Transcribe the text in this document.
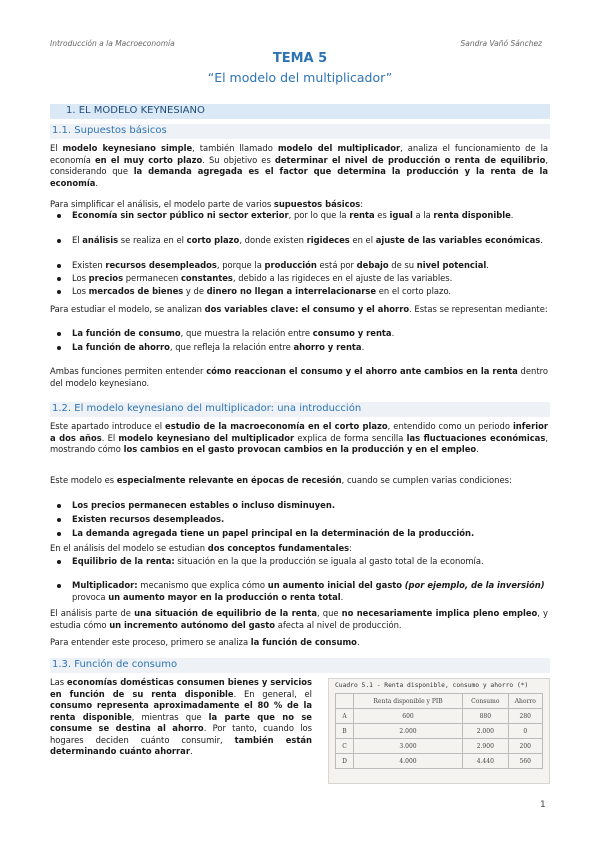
Introducción a la Macroeconomía	Sandra Vañó Sánchez
TEMA 5
“El modelo del multiplicador”
1. EL MODELO KEYNESIANO
1.1. Supuestos básicos
El modelo keynesiano simple, también llamado modelo del multiplicador, analiza el funcionamiento de la economía en el muy corto plazo. Su objetivo es determinar el nivel de producción o renta de equilibrio, considerando que la demanda agregada es el factor que determina la producción y la renta de la economía.
Para simplificar el análisis, el modelo parte de varios supuestos básicos:
Economía sin sector público ni sector exterior, por lo que la renta es igual a la renta disponible.
El análisis se realiza en el corto plazo, donde existen rigideces en el ajuste de las variables económicas.
Existen recursos desempleados, porque la producción está por debajo de su nivel potencial.
Los precios permanecen constantes, debido a las rigideces en el ajuste de las variables.
Los mercados de bienes y de dinero no llegan a interrelacionarse en el corto plazo.
Para estudiar el modelo, se analizan dos variables clave: el consumo y el ahorro. Estas se representan mediante:
La función de consumo, que muestra la relación entre consumo y renta.
La función de ahorro, que refleja la relación entre ahorro y renta.
Ambas funciones permiten entender cómo reaccionan el consumo y el ahorro ante cambios en la renta dentro del modelo keynesiano.
1.2. El modelo keynesiano del multiplicador: una introducción
Este apartado introduce el estudio de la macroeconomía en el corto plazo, entendido como un periodo inferior a dos años. El modelo keynesiano del multiplicador explica de forma sencilla las fluctuaciones económicas, mostrando cómo los cambios en el gasto provocan cambios en la producción y en el empleo.
Este modelo es especialmente relevante en épocas de recesión, cuando se cumplen varias condiciones:
Los precios permanecen estables o incluso disminuyen.
Existen recursos desempleados.
La demanda agregada tiene un papel principal en la determinación de la producción.
En el análisis del modelo se estudian dos conceptos fundamentales:
Equilibrio de la renta: situación en la que la producción se iguala al gasto total de la economía.
Multiplicador: mecanismo que explica cómo un aumento inicial del gasto (por ejemplo, de la inversión) provoca un aumento mayor en la producción o renta total.
El análisis parte de una situación de equilibrio de la renta, que no necesariamente implica pleno empleo, y estudia cómo un incremento autónomo del gasto afecta al nivel de producción.
Para entender este proceso, primero se analiza la función de consumo.
1.3. Función de consumo
Las economías domésticas consumen bienes y servicios en función de su renta disponible. En general, el consumo representa aproximadamente el 80 % de la renta disponible, mientras que la parte que no se consume se destina al ahorro. Por tanto, cuando los hogares deciden cuánto consumir, también están determinando cuánto ahorrar.
Cuadro 5.1 - Renta disponible, consumo y ahorro (*)
	Renta disponible y PIB	Consumo	Ahorro
A	600	880	280
B	2.000	2.000	0
C	3.000	2.900	200
D	4.000	4.440	560
1
